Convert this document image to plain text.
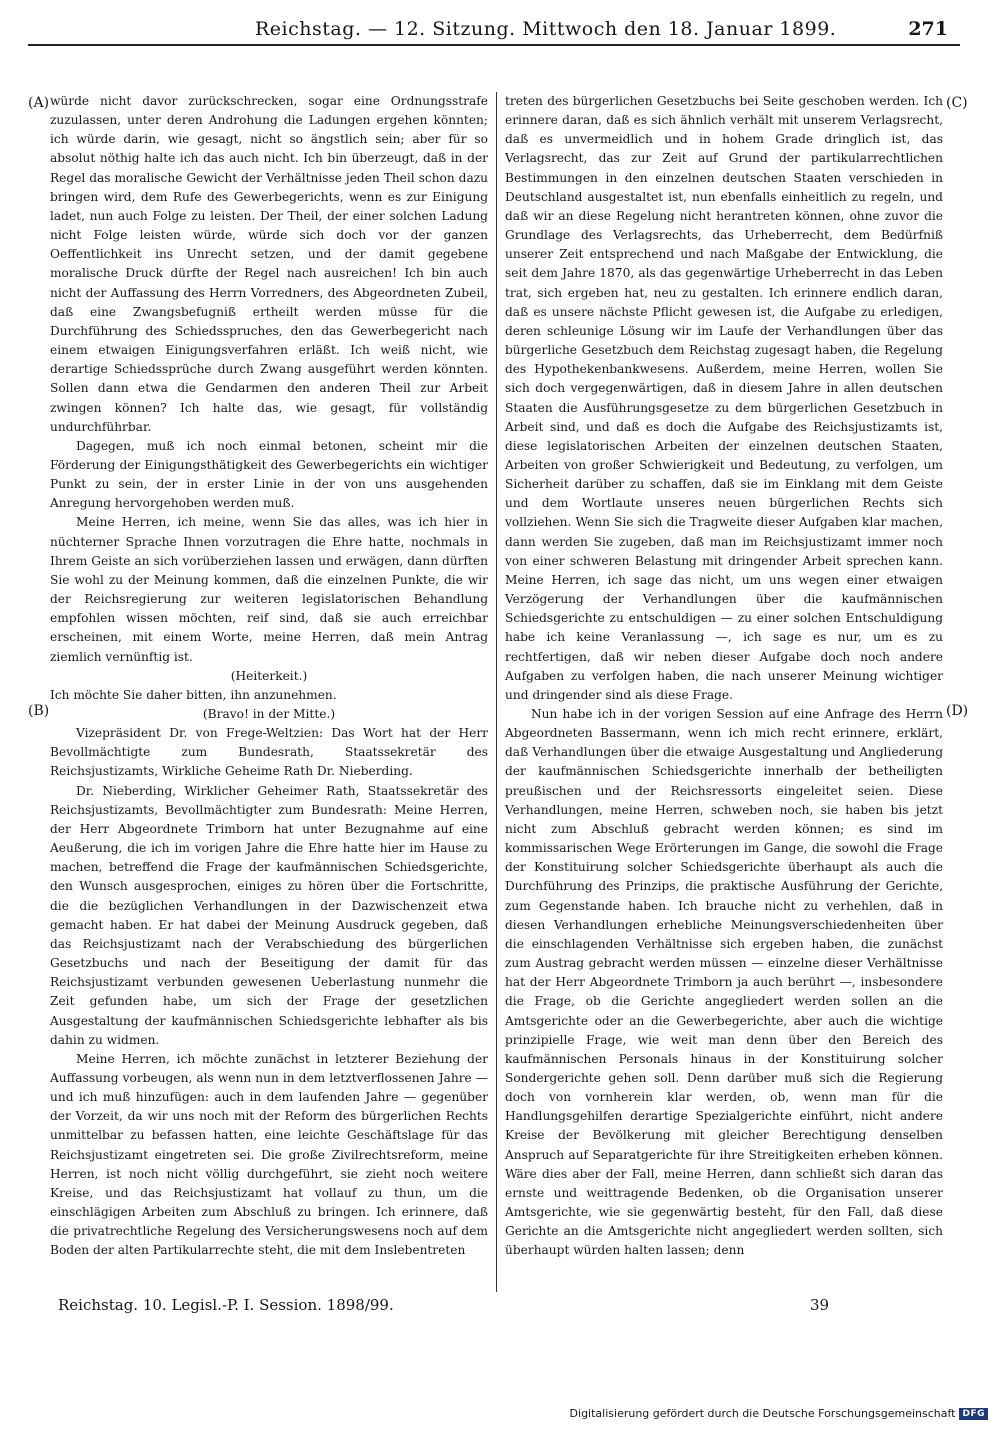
Reichstag. — 12. Sitzung. Mittwoch den 18. Januar 1899.	271
(A)
(B)
(C)
(D)

würde nicht davor zurückschrecken, sogar eine Ordnungsstrafe zuzulassen, unter deren Androhung die Ladungen ergehen könnten; ich würde darin, wie gesagt, nicht so ängstlich sein; aber für so absolut nöthig halte ich das auch nicht. Ich bin überzeugt, daß in der Regel das moralische Gewicht der Verhältnisse jeden Theil schon dazu bringen wird, dem Rufe des Gewerbegerichts, wenn es zur Einigung ladet, nun auch Folge zu leisten. Der Theil, der einer solchen Ladung nicht Folge leisten würde, würde sich doch vor der ganzen Oeffentlichkeit ins Unrecht setzen, und der damit gegebene moralische Druck dürfte der Regel nach ausreichen! Ich bin auch nicht der Auffassung des Herrn Vorredners, des Abgeordneten Zubeil, daß eine Zwangsbefugniß ertheilt werden müsse für die Durchführung des Schiedsspruches, den das Gewerbegericht nach einem etwaigen Einigungsverfahren erläßt. Ich weiß nicht, wie derartige Schiedssprüche durch Zwang ausgeführt werden könnten. Sollen dann etwa die Gendarmen den anderen Theil zur Arbeit zwingen können? Ich halte das, wie gesagt, für vollständig undurchführbar.

Dagegen, muß ich noch einmal betonen, scheint mir die Förderung der Einigungsthätigkeit des Gewerbegerichts ein wichtiger Punkt zu sein, der in erster Linie in der von uns ausgehenden Anregung hervorgehoben werden muß.

Meine Herren, ich meine, wenn Sie das alles, was ich hier in nüchterner Sprache Ihnen vorzutragen die Ehre hatte, nochmals in Ihrem Geiste an sich vorüberziehen lassen und erwägen, dann dürften Sie wohl zu der Meinung kommen, daß die einzelnen Punkte, die wir der Reichsregierung zur weiteren legislatorischen Behandlung empfohlen wissen möchten, reif sind, daß sie auch erreichbar erscheinen, mit einem Worte, meine Herren, daß mein Antrag ziemlich vernünftig ist.

(Heiterkeit.)

Ich möchte Sie daher bitten, ihn anzunehmen.

(Bravo! in der Mitte.)

Vizepräsident Dr. von Frege-Weltzien: Das Wort hat der Herr Bevollmächtigte zum Bundesrath, Staatssekretär des Reichsjustizamts, Wirkliche Geheime Rath Dr. Nieberding.

Dr. Nieberding, Wirklicher Geheimer Rath, Staatssekretär des Reichsjustizamts, Bevollmächtigter zum Bundesrath: Meine Herren, der Herr Abgeordnete Trimborn hat unter Bezugnahme auf eine Aeußerung, die ich im vorigen Jahre die Ehre hatte hier im Hause zu machen, betreffend die Frage der kaufmännischen Schiedsgerichte, den Wunsch ausgesprochen, einiges zu hören über die Fortschritte, die die bezüglichen Verhandlungen in der Dazwischenzeit etwa gemacht haben. Er hat dabei der Meinung Ausdruck gegeben, daß das Reichsjustizamt nach der Verabschiedung des bürgerlichen Gesetzbuchs und nach der Beseitigung der damit für das Reichsjustizamt verbunden gewesenen Ueberlastung nunmehr die Zeit gefunden habe, um sich der Frage der gesetzlichen Ausgestaltung der kaufmännischen Schiedsgerichte lebhafter als bis dahin zu widmen.

Meine Herren, ich möchte zunächst in letzterer Beziehung der Auffassung vorbeugen, als wenn nun in dem letztverflossenen Jahre — und ich muß hinzufügen: auch in dem laufenden Jahre — gegenüber der Vorzeit, da wir uns noch mit der Reform des bürgerlichen Rechts unmittelbar zu befassen hatten, eine leichte Geschäftslage für das Reichsjustizamt eingetreten sei. Die große Zivilrechtsreform, meine Herren, ist noch nicht völlig durchgeführt, sie zieht noch weitere Kreise, und das Reichsjustizamt hat vollauf zu thun, um die einschlägigen Arbeiten zum Abschluß zu bringen. Ich erinnere, daß die privatrechtliche Regelung des Versicherungswesens noch auf dem Boden der alten Partikularrechte steht, die mit dem Inslebentreten

treten des bürgerlichen Gesetzbuchs bei Seite geschoben werden. Ich erinnere daran, daß es sich ähnlich verhält mit unserem Verlagsrecht, daß es unvermeidlich und in hohem Grade dringlich ist, das Verlagsrecht, das zur Zeit auf Grund der partikularrechtlichen Bestimmungen in den einzelnen deutschen Staaten verschieden in Deutschland ausgestaltet ist, nun ebenfalls einheitlich zu regeln, und daß wir an diese Regelung nicht herantreten können, ohne zuvor die Grundlage des Verlagsrechts, das Urheberrecht, dem Bedürfniß unserer Zeit entsprechend und nach Maßgabe der Entwicklung, die seit dem Jahre 1870, als das gegenwärtige Urheberrecht in das Leben trat, sich ergeben hat, neu zu gestalten. Ich erinnere endlich daran, daß es unsere nächste Pflicht gewesen ist, die Aufgabe zu erledigen, deren schleunige Lösung wir im Laufe der Verhandlungen über das bürgerliche Gesetzbuch dem Reichstag zugesagt haben, die Regelung des Hypothekenbankwesens. Außerdem, meine Herren, wollen Sie sich doch vergegenwärtigen, daß in diesem Jahre in allen deutschen Staaten die Ausführungsgesetze zu dem bürgerlichen Gesetzbuch in Arbeit sind, und daß es doch die Aufgabe des Reichsjustizamts ist, diese legislatorischen Arbeiten der einzelnen deutschen Staaten, Arbeiten von großer Schwierigkeit und Bedeutung, zu verfolgen, um Sicherheit darüber zu schaffen, daß sie im Einklang mit dem Geiste und dem Wortlaute unseres neuen bürgerlichen Rechts sich vollziehen. Wenn Sie sich die Tragweite dieser Aufgaben klar machen, dann werden Sie zugeben, daß man im Reichsjustizamt immer noch von einer schweren Belastung mit dringender Arbeit sprechen kann. Meine Herren, ich sage das nicht, um uns wegen einer etwaigen Verzögerung der Verhandlungen über die kaufmännischen Schiedsgerichte zu entschuldigen — zu einer solchen Entschuldigung habe ich keine Veranlassung —, ich sage es nur, um es zu rechtfertigen, daß wir neben dieser Aufgabe doch noch andere Aufgaben zu verfolgen haben, die nach unserer Meinung wichtiger und dringender sind als diese Frage.

Nun habe ich in der vorigen Session auf eine Anfrage des Herrn Abgeordneten Bassermann, wenn ich mich recht erinnere, erklärt, daß Verhandlungen über die etwaige Ausgestaltung und Angliederung der kaufmännischen Schiedsgerichte innerhalb der betheiligten preußischen und der Reichsressorts eingeleitet seien. Diese Verhandlungen, meine Herren, schweben noch, sie haben bis jetzt nicht zum Abschluß gebracht werden können; es sind im kommissarischen Wege Erörterungen im Gange, die sowohl die Frage der Konstituirung solcher Schiedsgerichte überhaupt als auch die Durchführung des Prinzips, die praktische Ausführung der Gerichte, zum Gegenstande haben. Ich brauche nicht zu verhehlen, daß in diesen Verhandlungen erhebliche Meinungsverschiedenheiten über die einschlagenden Verhältnisse sich ergeben haben, die zunächst zum Austrag gebracht werden müssen — einzelne dieser Verhältnisse hat der Herr Abgeordnete Trimborn ja auch berührt —, insbesondere die Frage, ob die Gerichte angegliedert werden sollen an die Amtsgerichte oder an die Gewerbegerichte, aber auch die wichtige prinzipielle Frage, wie weit man denn über den Bereich des kaufmännischen Personals hinaus in der Konstituirung solcher Sondergerichte gehen soll. Denn darüber muß sich die Regierung doch von vornherein klar werden, ob, wenn man für die Handlungsgehilfen derartige Spezialgerichte einführt, nicht andere Kreise der Bevölkerung mit gleicher Berechtigung denselben Anspruch auf Separatgerichte für ihre Streitigkeiten erheben können. Wäre dies aber der Fall, meine Herren, dann schließt sich daran das ernste und weittragende Bedenken, ob die Organisation unserer Amtsgerichte, wie sie gegenwärtig besteht, für den Fall, daß diese Gerichte an die Amtsgerichte nicht angegliedert werden sollten, sich überhaupt würden halten lassen; denn

Reichstag. 10. Legisl.-P. I. Session. 1898/99.	39
Digitalisierung gefördert durch die Deutsche Forschungsgemeinschaft DFG
